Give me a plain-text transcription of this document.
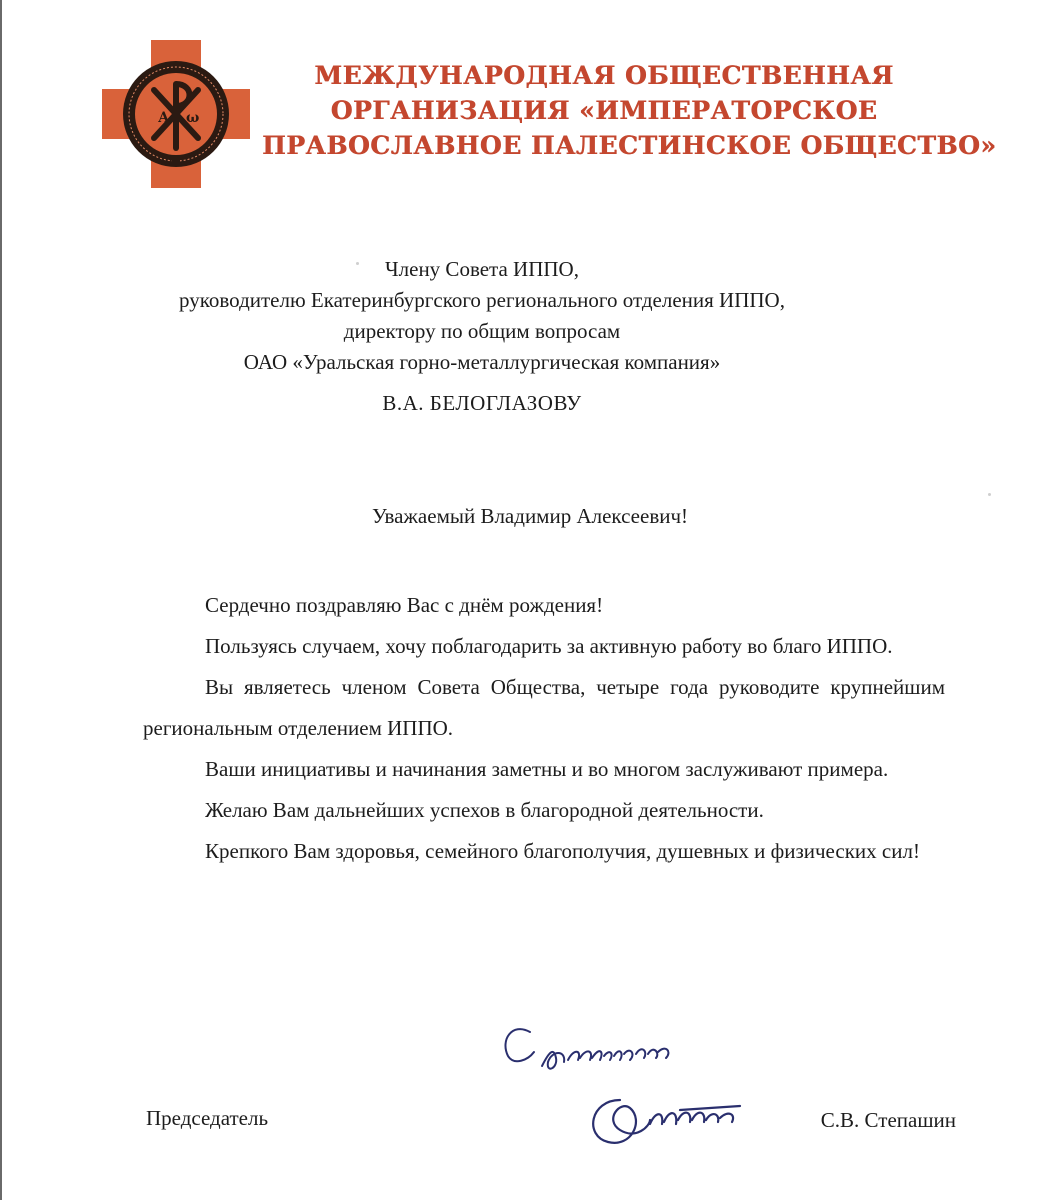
А ω
МЕЖДУНАРОДНАЯ ОБЩЕСТВЕННАЯ
ОРГАНИЗАЦИЯ «ИМПЕРАТОРСКОЕ
ПРАВОСЛАВНОЕ ПАЛЕСТИНСКОЕ ОБЩЕСТВО»
Члену Совета ИППО,
руководителю Екатеринбургского регионального отделения ИППО,
директору по общим вопросам
ОАО «Уральская горно-металлургическая компания»
В.А. БЕЛОГЛАЗОВУ
Уважаемый Владимир Алексеевич!

Сердечно поздравляю Вас с днём рождения!

Пользуясь случаем, хочу поблагодарить за активную работу во благо ИППО.

Вы являетесь членом Совета Общества, четыре года руководите крупнейшим региональным отделением ИППО.

Ваши инициативы и начинания заметны и во многом заслуживают примера.

Желаю Вам дальнейших успехов в благородной деятельности.

Крепкого Вам здоровья, семейного благополучия, душевных и физических сил!

Председатель	С.В. Степашин
